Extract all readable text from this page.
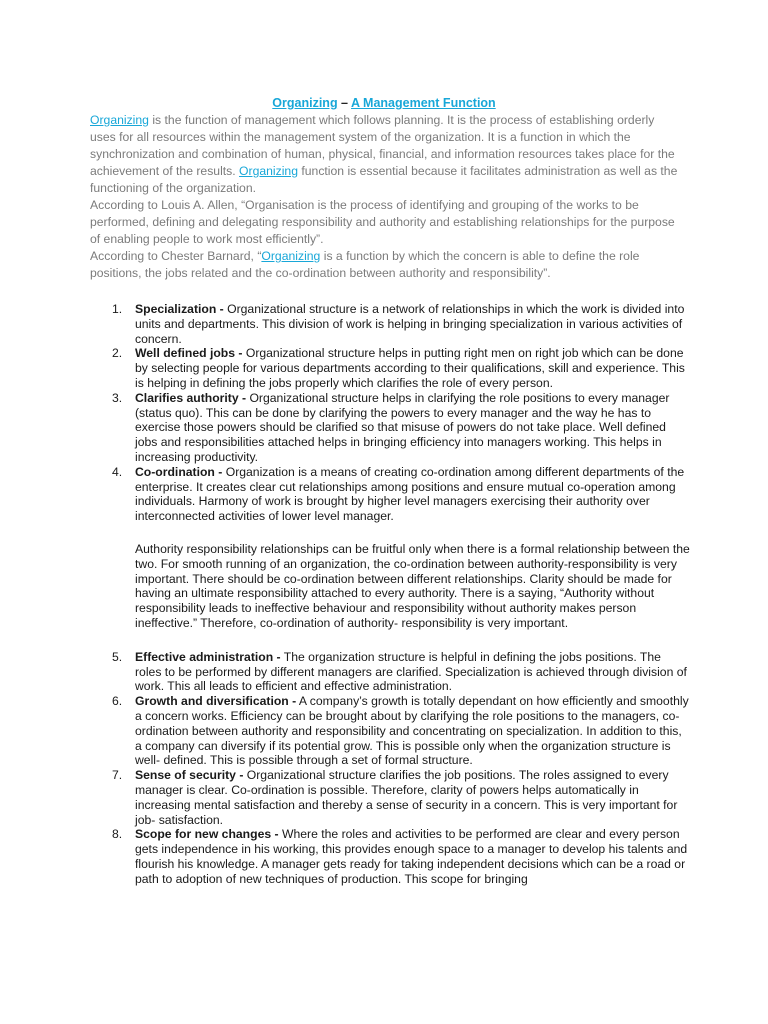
Organizing – A Management Function

Organizing is the function of management which follows planning. It is the process of establishing orderly uses for all resources within the management system of the organization. It is a function in which the synchronization and combination of human, physical, financial, and information resources takes place for the achievement of the results. Organizing function is essential because it facilitates administration as well as the functioning of the organization.

According to Louis A. Allen, “Organisation is the process of identifying and grouping of the works to be performed, defining and delegating responsibility and authority and establishing relationships for the purpose of enabling people to work most efficiently”.

According to Chester Barnard, “Organizing is a function by which the concern is able to define the role positions, the jobs related and the co-ordination between authority and responsibility”.

1. Specialization - Organizational structure is a network of relationships in which the work is divided into units and departments. This division of work is helping in bringing specialization in various activities of concern.
2. Well defined jobs - Organizational structure helps in putting right men on right job which can be done by selecting people for various departments according to their qualifications, skill and experience. This is helping in defining the jobs properly which clarifies the role of every person.
3. Clarifies authority - Organizational structure helps in clarifying the role positions to every manager (status quo). This can be done by clarifying the powers to every manager and the way he has to exercise those powers should be clarified so that misuse of powers do not take place. Well defined jobs and responsibilities attached helps in bringing efficiency into managers working. This helps in increasing productivity.
4. Co-ordination - Organization is a means of creating co-ordination among different departments of the enterprise. It creates clear cut relationships among positions and ensure mutual co-operation among individuals. Harmony of work is brought by higher level managers exercising their authority over interconnected activities of lower level manager.
Authority responsibility relationships can be fruitful only when there is a formal relationship between the two. For smooth running of an organization, the co-ordination between authority-responsibility is very important. There should be co-ordination between different relationships. Clarity should be made for having an ultimate responsibility attached to every authority. There is a saying, “Authority without responsibility leads to ineffective behaviour and responsibility without authority makes person ineffective.” Therefore, co-ordination of authority- responsibility is very important.
5. Effective administration - The organization structure is helpful in defining the jobs positions. The roles to be performed by different managers are clarified. Specialization is achieved through division of work. This all leads to efficient and effective administration.
6. Growth and diversification - A company’s growth is totally dependant on how efficiently and smoothly a concern works. Efficiency can be brought about by clarifying the role positions to the managers, co-ordination between authority and responsibility and concentrating on specialization. In addition to this, a company can diversify if its potential grow. This is possible only when the organization structure is well- defined. This is possible through a set of formal structure.
7. Sense of security - Organizational structure clarifies the job positions. The roles assigned to every manager is clear. Co-ordination is possible. Therefore, clarity of powers helps automatically in increasing mental satisfaction and thereby a sense of security in a concern. This is very important for job- satisfaction.
8. Scope for new changes - Where the roles and activities to be performed are clear and every person gets independence in his working, this provides enough space to a manager to develop his talents and flourish his knowledge. A manager gets ready for taking independent decisions which can be a road or path to adoption of new techniques of production. This scope for bringing
